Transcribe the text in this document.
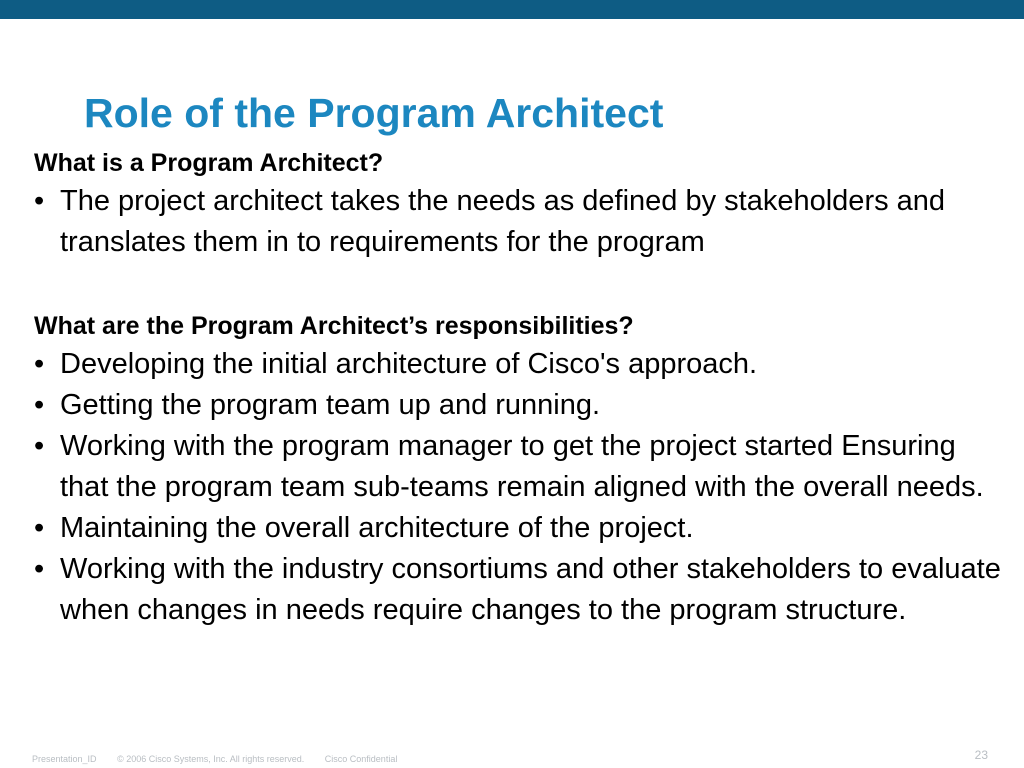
Role of the Program Architect

What is a Program Architect?

• The project architect takes the needs as defined by stakeholders and translates them in to requirements for the program

What are the Program Architect’s responsibilities?

• Developing the initial architecture of Cisco's approach.
• Getting the program team up and running.
• Working with the program manager to get the project started Ensuring that the program team sub-teams remain aligned with the overall needs.
• Maintaining the overall architecture of the project.
• Working with the industry consortiums and other stakeholders to evaluate when changes in needs require changes to the program structure.
Presentation_ID © 2006 Cisco Systems, Inc. All rights reserved. Cisco Confidential	23
